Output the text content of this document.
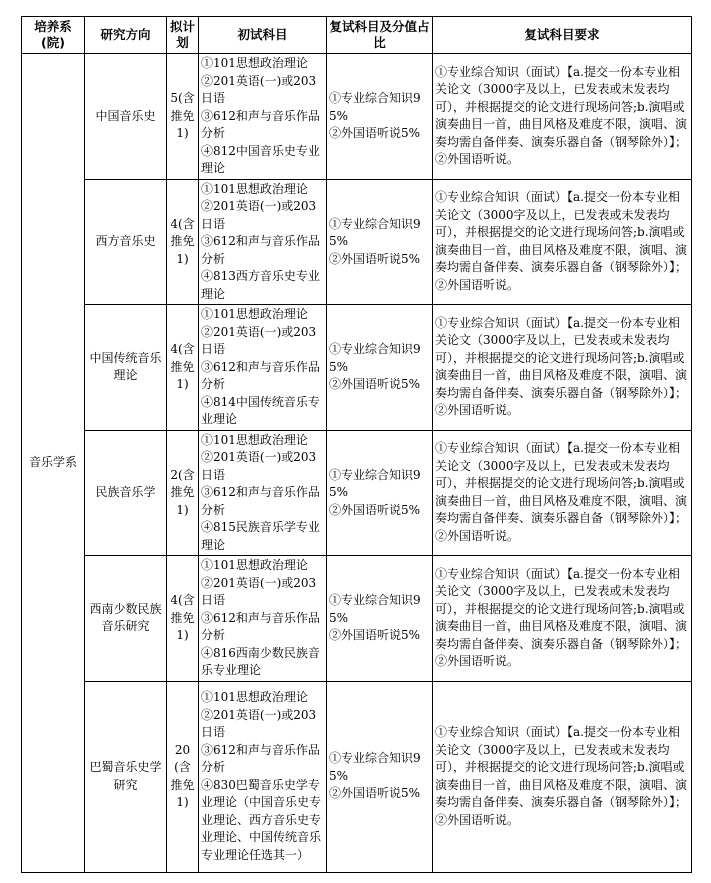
培养系(院)	研究方向	拟计划	初试科目	复试科目及分值占比	复试科目要求
音乐学系	中国音乐史	5(含推免1)	①101思想政治理论
②201英语(一)或203日语
③612和声与音乐作品分析
④812中国音乐史专业理论	①专业综合知识95%
②外国语听说5%	①专业综合知识（面试）【a.提交一份本专业相关论文（3000字及以上，已发表或未发表均可），并根据提交的论文进行现场问答;b.演唱或演奏曲目一首，曲目风格及难度不限，演唱、演奏均需自备伴奏、演奏乐器自备（钢琴除外）】；
②外国语听说。

	西方音乐史	4(含推免1)	①101思想政治理论
②201英语(一)或203日语
③612和声与音乐作品分析
④813西方音乐史专业理论	①专业综合知识95%
②外国语听说5%	①专业综合知识（面试）【a.提交一份本专业相关论文（3000字及以上，已发表或未发表均可），并根据提交的论文进行现场问答;b.演唱或演奏曲目一首，曲目风格及难度不限，演唱、演奏均需自备伴奏、演奏乐器自备（钢琴除外）】；
②外国语听说。

	中国传统音乐理论	4(含推免1)	①101思想政治理论
②201英语(一)或203日语
③612和声与音乐作品分析
④814中国传统音乐专业理论	①专业综合知识95%
②外国语听说5%	①专业综合知识（面试）【a.提交一份本专业相关论文（3000字及以上，已发表或未发表均可），并根据提交的论文进行现场问答;b.演唱或演奏曲目一首，曲目风格及难度不限，演唱、演奏均需自备伴奏、演奏乐器自备（钢琴除外）】；
②外国语听说。

	民族音乐学	2(含推免1)	①101思想政治理论
②201英语(一)或203日语
③612和声与音乐作品分析
④815民族音乐学专业理论	①专业综合知识95%
②外国语听说5%	①专业综合知识（面试）【a.提交一份本专业相关论文（3000字及以上，已发表或未发表均可），并根据提交的论文进行现场问答;b.演唱或演奏曲目一首，曲目风格及难度不限，演唱、演奏均需自备伴奏、演奏乐器自备（钢琴除外）】；
②外国语听说。

	西南少数民族音乐研究	4(含推免1)	①101思想政治理论
②201英语(一)或203日语
③612和声与音乐作品分析
④816西南少数民族音乐专业理论	①专业综合知识95%
②外国语听说5%	①专业综合知识（面试）【a.提交一份本专业相关论文（3000字及以上，已发表或未发表均可），并根据提交的论文进行现场问答;b.演唱或演奏曲目一首，曲目风格及难度不限，演唱、演奏均需自备伴奏、演奏乐器自备（钢琴除外）】；
②外国语听说。

	巴蜀音乐史学研究	20(含推免1)	①101思想政治理论
②201英语(一)或203日语
③612和声与音乐作品分析
④830巴蜀音乐史学专业理论（中国音乐史专业理论、西方音乐史专业理论、中国传统音乐专业理论任选其一）	①专业综合知识95%
②外国语听说5%	①专业综合知识（面试）【a.提交一份本专业相关论文（3000字及以上，已发表或未发表均可），并根据提交的论文进行现场问答;b.演唱或演奏曲目一首，曲目风格及难度不限，演唱、演奏均需自备伴奏、演奏乐器自备（钢琴除外）】；
②外国语听说。
